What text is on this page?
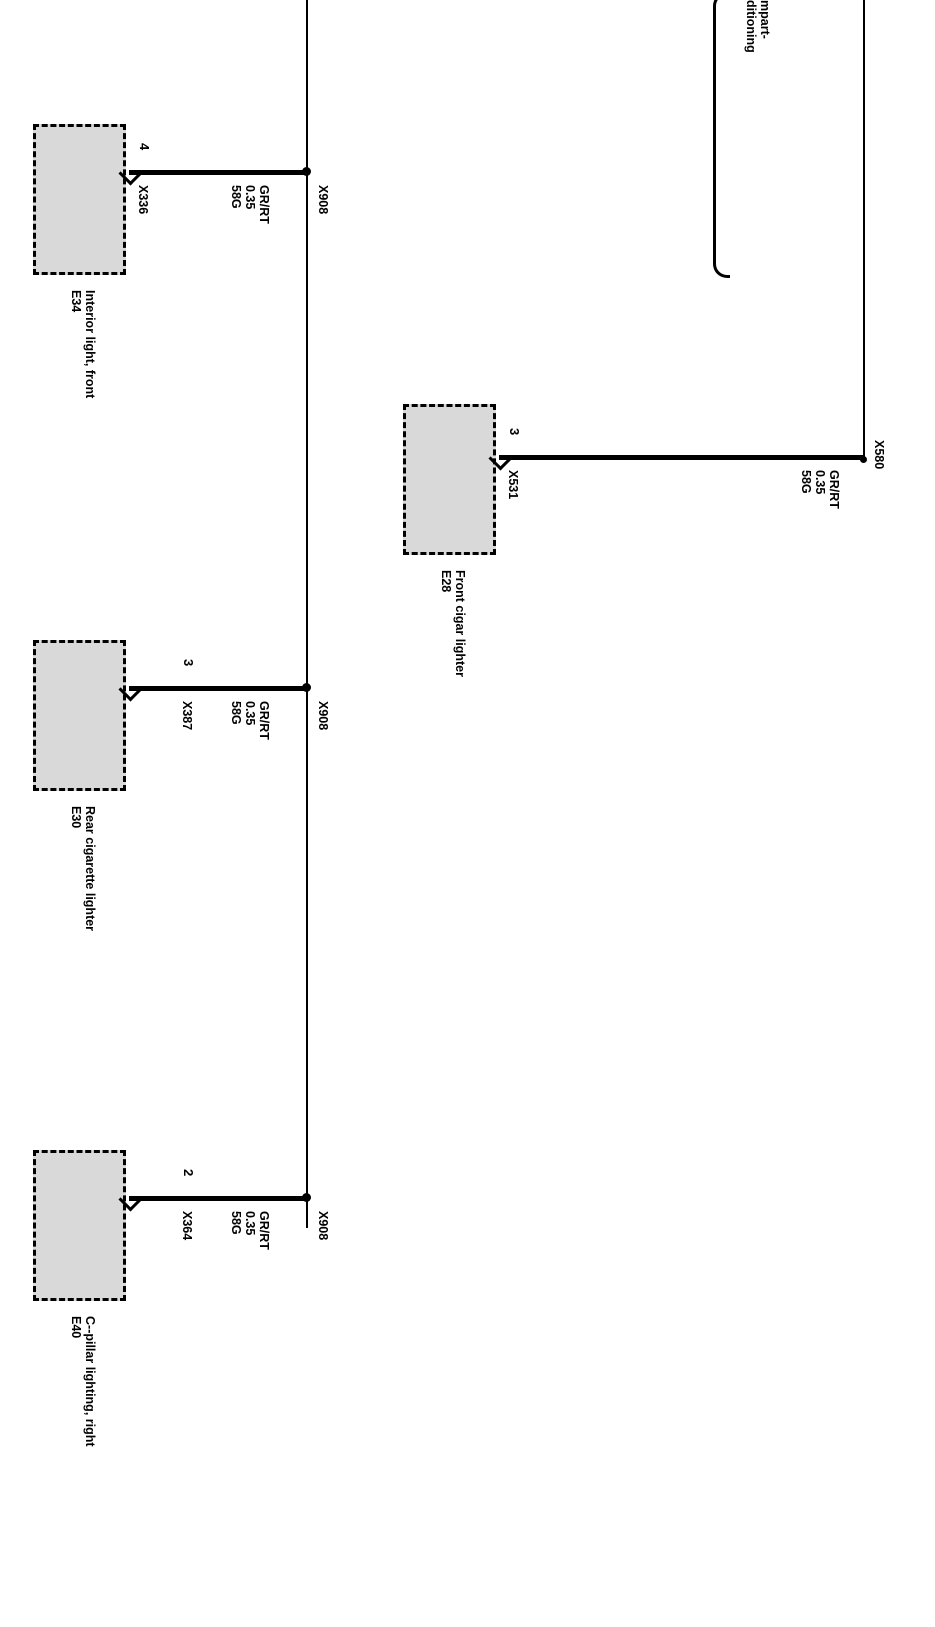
mpart-
ditioning
X580
4
X336	58G 0.35 GR/RT	X908
E34 Interior light, front
3
X531	58G 0.35 GR/RT
E28 Front cigar lighter
3
X387	58G 0.35 GR/RT	X908
E30 Rear cigarette lighter
2
X364	58G 0.35 GR/RT	X908
E40 C--pillar lighting, right
